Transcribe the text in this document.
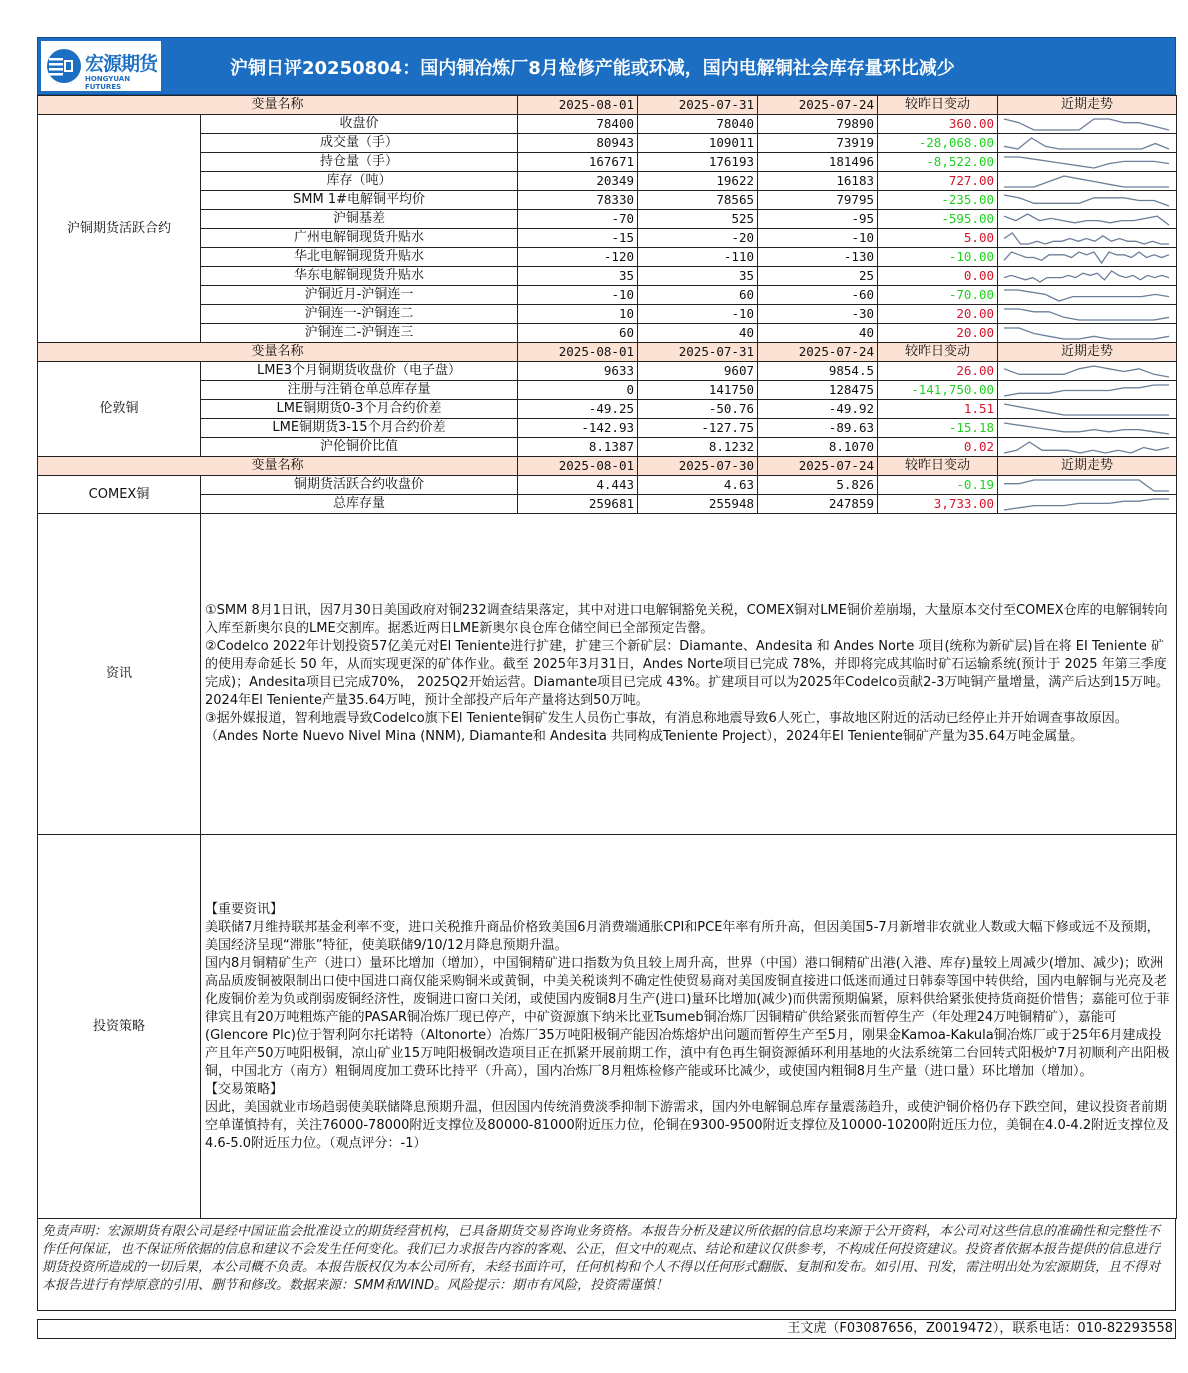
宏源期货
HONGYUAN FUTURES
沪铜日评20250804：国内铜冶炼厂8月检修产能或环减，国内电解铜社会库存量环比减少
变量名称		2025-08-01	2025-07-31	2025-07-24	较昨日变动	近期走势
沪铜期货活跃合约	收盘价	78400	78040	79890	360.00	

	成交量（手）	80943	109011	73919	-28,068.00	

	持仓量（手）	167671	176193	181496	-8,522.00	

	库存（吨）	20349	19622	16183	727.00	

	SMM 1#电解铜平均价	78330	78565	79795	-235.00	

	沪铜基差	-70	525	-95	-595.00	

	广州电解铜现货升贴水	-15	-20	-10	5.00	

	华北电解铜现货升贴水	-120	-110	-130	-10.00	

	华东电解铜现货升贴水	35	35	25	0.00	

	沪铜近月-沪铜连一	-10	60	-60	-70.00	

	沪铜连一-沪铜连二	10	-10	-30	20.00	

	沪铜连二-沪铜连三	60	40	40	20.00	

变量名称		2025-08-01	2025-07-31	2025-07-24	较昨日变动	近期走势
伦敦铜	LME3个月铜期货收盘价（电子盘）	9633	9607	9854.5	26.00	

	注册与注销仓单总库存量	0	141750	128475	-141,750.00	

	LME铜期货0-3个月合约价差	-49.25	-50.76	-49.92	1.51	

	LME铜期货3-15个月合约价差	-142.93	-127.75	-89.63	-15.18	

	沪伦铜价比值	8.1387	8.1232	8.1070	0.02	

变量名称		2025-08-01	2025-07-30	2025-07-24	较昨日变动	近期走势
COMEX铜	铜期货活跃合约收盘价	4.443	4.63	5.826	-0.19	

	总库存量	259681	255948	247859	3,733.00	

资讯	①SMM 8月1日讯，因7月30日美国政府对铜232调查结果落定，其中对进口电解铜豁免关税，COMEX铜对LME铜价差崩塌，大量原本交付至COMEX仓库的电解铜转向入库至新奥尔良的LME交割库。据悉近两日LME新奥尔良仓库仓储空间已全部预定告罄。

②Codelco 2022年计划投资57亿美元对El Teniente进行扩建，扩建三个新矿层：Diamante、Andesita 和 Andes Norte 项目(统称为新矿层)旨在将 EI Teniente 矿的使用寿命延长 50 年，从而实现更深的矿体作业。截至 2025年3月31日，Andes Norte项目已完成 78%，并即将完成其临时矿石运输系统(预计于 2025 年第三季度完成)；Andesita项目已完成70%， 2025Q2开始运营。Diamante项目已完成 43%。扩建项目可以为2025年Codelco贡献2-3万吨铜产量增量，满产后达到15万吨。2024年El Teniente产量35.64万吨，预计全部投产后年产量将达到50万吨。

③据外媒报道，智利地震导致Codelco旗下El Teniente铜矿发生人员伤亡事故，有消息称地震导致6人死亡，事故地区附近的活动已经停止并开始调查事故原因。（Andes Norte Nuevo Nivel Mina (NNM), Diamante和 Andesita 共同构成Teniente Project），2024年El Teniente铜矿产量为35.64万吨金属量。					

投资策略	【重要资讯】

美联储7月维持联邦基金利率不变，进口关税推升商品价格致美国6月消费端通胀CPI和PCE年率有所升高，但因美国5-7月新增非农就业人数或大幅下修或远不及预期，美国经济呈现“滞胀”特征，使美联储9/10/12月降息预期升温。

国内8月铜精矿生产（进口）量环比增加（增加），中国铜精矿进口指数为负且较上周升高，世界（中国）港口铜精矿出港(入港、库存)量较上周减少(增加、减少)；欧洲高品质废铜被限制出口使中国进口商仅能采购铜米或黄铜，中美关税谈判不确定性使贸易商对美国废铜直接进口低迷而通过日韩泰等国中转供给，国内电解铜与光亮及老化废铜价差为负或削弱废铜经济性，废铜进口窗口关闭，或使国内废铜8月生产(进口)量环比增加(减少)而供需预期偏紧，原料供给紧张使持货商挺价惜售；嘉能可位于菲律宾且有20万吨粗炼产能的PASAR铜冶炼厂现已停产，中矿资源旗下纳米比亚Tsumeb铜冶炼厂因铜精矿供给紧张而暂停生产（年处理24万吨铜精矿），嘉能可(Glencore Plc)位于智利阿尔托诺特（Altonorte）冶炼厂35万吨阳极铜产能因冶炼熔炉出问题而暂停生产至5月，刚果金Kamoa-Kakula铜冶炼厂或于25年6月建成投产且年产50万吨阳极铜，凉山矿业15万吨阳极铜改造项目正在抓紧开展前期工作，滇中有色再生铜资源循环利用基地的火法系统第二台回转式阳极炉7月初顺利产出阳极铜，中国北方（南方）粗铜周度加工费环比持平（升高），国内冶炼厂8月粗炼检修产能或环比减少，或使国内粗铜8月生产量（进口量）环比增加（增加）。

【交易策略】

因此，美国就业市场趋弱使美联储降息预期升温，但因国内传统消费淡季抑制下游需求，国内外电解铜总库存量震荡趋升，或使沪铜价格仍存下跌空间，建议投资者前期空单谨慎持有，关注76000-78000附近支撑位及80000-81000附近压力位，伦铜在9300-9500附近支撑位及10000-10200附近压力位，美铜在4.0-4.2附近支撑位及4.6-5.0附近压力位。（观点评分：-1）					

免责声明：宏源期货有限公司是经中国证监会批准设立的期货经营机构，已具备期货交易咨询业务资格。本报告分析及建议所依据的信息均来源于公开资料，本公司对这些信息的准确性和完整性不作任何保证，也不保证所依据的信息和建议不会发生任何变化。我们已力求报告内容的客观、公正，但文中的观点、结论和建议仅供参考，不构成任何投资建议。投资者依据本报告提供的信息进行期货投资所造成的一切后果，本公司概不负责。本报告版权仅为本公司所有，未经书面许可，任何机构和个人不得以任何形式翻版、复制和发布。如引用、刊发，需注明出处为宏源期货，且不得对本报告进行有悖原意的引用、删节和修改。数据来源：SMM和WIND。风险提示：期市有风险，投资需谨慎！
王文虎（F03087656，Z0019472），联系电话：010-82293558
